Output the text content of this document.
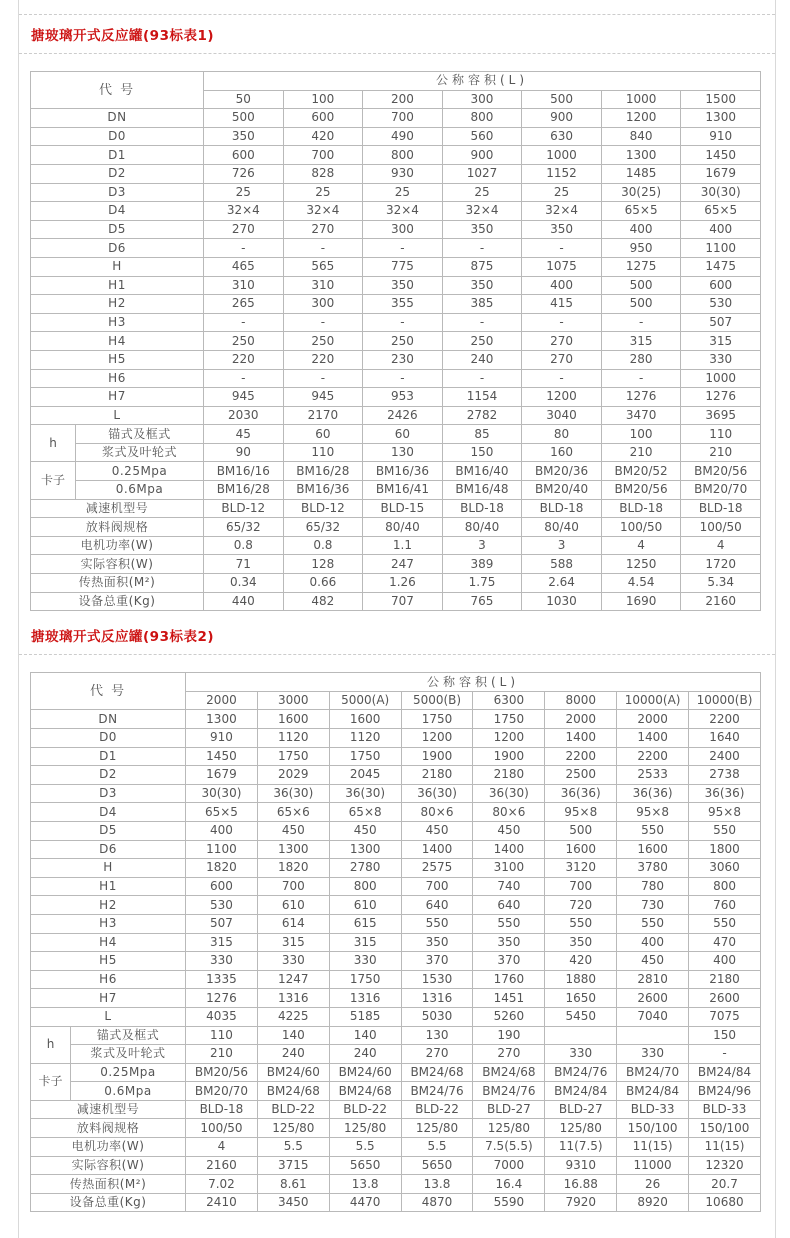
搪玻璃开式反应罐(93标表1)
代 号		公称容积(L)						
		50	100	200	300	500	1000	1500
DN		500	600	700	800	900	1200	1300
D0		350	420	490	560	630	840	910
D1		600	700	800	900	1000	1300	1450
D2		726	828	930	1027	1152	1485	1679
D3		25	25	25	25	25	30(25)	30(30)
D4		32×4	32×4	32×4	32×4	32×4	65×5	65×5
D5		270	270	300	350	350	400	400
D6		-	-	-	-	-	950	1100
H		465	565	775	875	1075	1275	1475
H1		310	310	350	350	400	500	600
H2		265	300	355	385	415	500	530
H3		-	-	-	-	-	-	507
H4		250	250	250	250	270	315	315
H5		220	220	230	240	270	280	330
H6		-	-	-	-	-	-	1000
H7		945	945	953	1154	1200	1276	1276
L		2030	2170	2426	2782	3040	3470	3695
h	锚式及框式	45	60	60	85	80	100	110
	浆式及叶轮式	90	110	130	150	160	210	210
卡子	0.25Mpa	BM16/16	BM16/28	BM16/36	BM16/40	BM20/36	BM20/52	BM20/56
	0.6Mpa	BM16/28	BM16/36	BM16/41	BM16/48	BM20/40	BM20/56	BM20/70
减速机型号		BLD-12	BLD-12	BLD-15	BLD-18	BLD-18	BLD-18	BLD-18
放料阀规格		65/32	65/32	80/40	80/40	80/40	100/50	100/50
电机功率(W)		0.8	0.8	1.1	3	3	4	4
实际容积(W)		71	128	247	389	588	1250	1720
传热面积(M²)		0.34	0.66	1.26	1.75	2.64	4.54	5.34
设备总重(Kg)		440	482	707	765	1030	1690	2160
搪玻璃开式反应罐(93标表2)
代 号		公称容积(L)							
		2000	3000	5000(A)	5000(B)	6300	8000	10000(A)	10000(B)
DN		1300	1600	1600	1750	1750	2000	2000	2200
D0		910	1120	1120	1200	1200	1400	1400	1640
D1		1450	1750	1750	1900	1900	2200	2200	2400
D2		1679	2029	2045	2180	2180	2500	2533	2738
D3		30(30)	36(30)	36(30)	36(30)	36(30)	36(36)	36(36)	36(36)
D4		65×5	65×6	65×8	80×6	80×6	95×8	95×8	95×8
D5		400	450	450	450	450	500	550	550
D6		1100	1300	1300	1400	1400	1600	1600	1800
H		1820	1820	2780	2575	3100	3120	3780	3060
H1		600	700	800	700	740	700	780	800
H2		530	610	610	640	640	720	730	760
H3		507	614	615	550	550	550	550	550
H4		315	315	315	350	350	350	400	470
H5		330	330	330	370	370	420	450	400
H6		1335	1247	1750	1530	1760	1880	2810	2180
H7		1276	1316	1316	1316	1451	1650	2600	2600
L		4035	4225	5185	5030	5260	5450	7040	7075
h	锚式及框式	110	140	140	130	190			150
	浆式及叶轮式	210	240	240	270	270	330	330	-
卡子	0.25Mpa	BM20/56	BM24/60	BM24/60	BM24/68	BM24/68	BM24/76	BM24/70	BM24/84
	0.6Mpa	BM20/70	BM24/68	BM24/68	BM24/76	BM24/76	BM24/84	BM24/84	BM24/96
减速机型号		BLD-18	BLD-22	BLD-22	BLD-22	BLD-27	BLD-27	BLD-33	BLD-33
放料阀规格		100/50	125/80	125/80	125/80	125/80	125/80	150/100	150/100
电机功率(W)		4	5.5	5.5	5.5	7.5(5.5)	11(7.5)	11(15)	11(15)
实际容积(W)		2160	3715	5650	5650	7000	9310	11000	12320
传热面积(M²)		7.02	8.61	13.8	13.8	16.4	16.88	26	20.7
设备总重(Kg)		2410	3450	4470	4870	5590	7920	8920	10680
